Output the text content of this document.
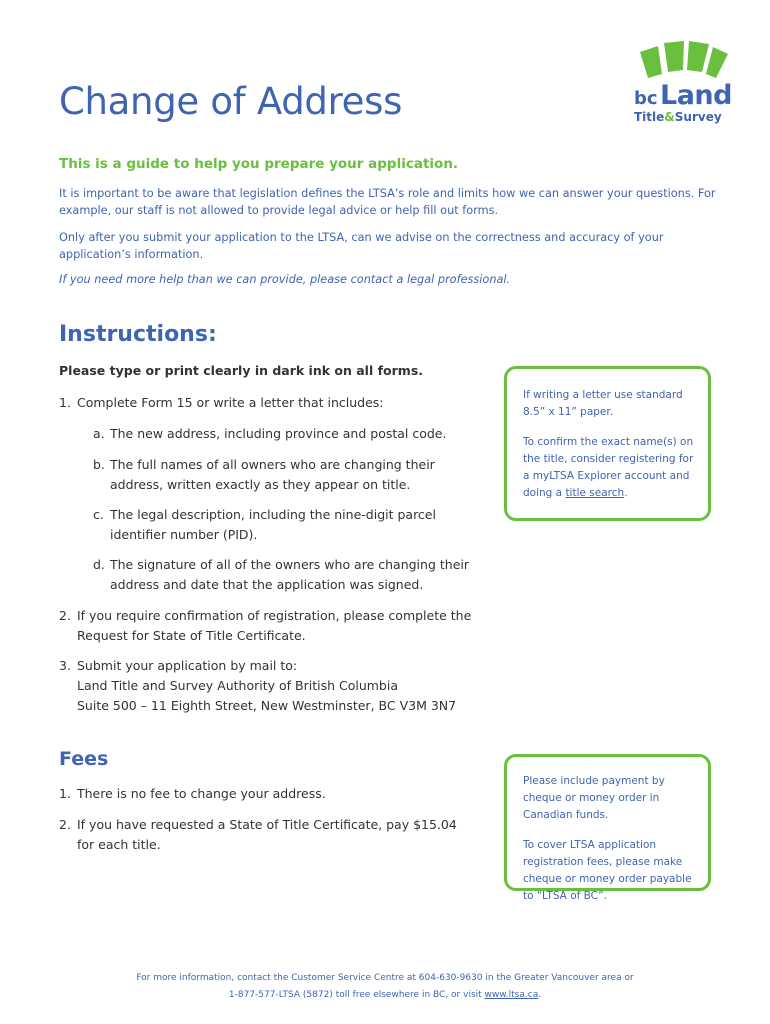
Change of Address	bc Land
Title&Survey
This is a guide to help you prepare your application.
It is important to be aware that legislation defines the LTSA’s role and limits how we can answer your questions. For example, our staff is not allowed to provide legal advice or help fill out forms.
Only after you submit your application to the LTSA, can we advise on the correctness and accuracy of your application’s information.
If you need more help than we can provide, please contact a legal professional.
Instructions:
Please type or print clearly in dark ink on all forms.
1. Complete Form 15 or write a letter that includes:
a. The new address, including province and postal code.
b. The full names of all owners who are changing their address, written exactly as they appear on title.
c. The legal description, including the nine-digit parcel identifier number (PID).
d. The signature of all of the owners who are changing their address and date that the application was signed.
2. If you require confirmation of registration, please complete the Request for State of Title Certificate.
3. Submit your application by mail to:
Land Title and Survey Authority of British Columbia
Suite 500 – 11 Eighth Street, New Westminster, BC V3M 3N7

If writing a letter use standard 8.5” x 11” paper.

To confirm the exact name(s) on the title, consider registering for a myLTSA Explorer account and doing a title search.

Fees
1. There is no fee to change your address.
2. If you have requested a State of Title Certificate, pay $15.04 for each title.

Please include payment by cheque or money order in Canadian funds.

To cover LTSA application registration fees, please make cheque or money order payable to “LTSA of BC”.

For more information, contact the Customer Service Centre at 604-630-9630 in the Greater Vancouver area or
1-877-577-LTSA (5872) toll free elsewhere in BC, or visit www.ltsa.ca.
